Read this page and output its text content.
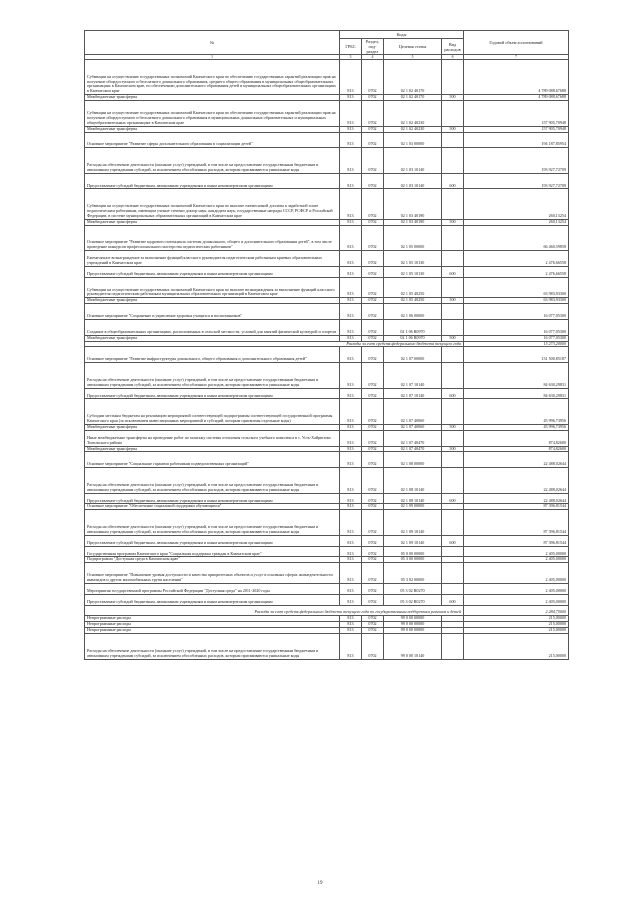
№	Коды				Годовой объем ассигнований
	ГРБС	Раздел, под-раздел	Целевая статья	Вид расходов	
1	3	4	5	6	7
Субвенции на осуществление государственных полномочий Камчатского края по обеспечению государственных гарантий реализации прав на получение общедоступного и бесплатного дошкольного образования, среднего общего образования в муниципальных общеобразовательных организациях в Камчатском крае, по обеспечению дополнительного образования детей в муниципальных общеобразовательных организациях в Камчатском крае	813	0702	02 1 02 40170		4 789 088,67688
Межбюджетные трансферты	813	0702	02 1 02 40170	500	4 789 088,67688
Субвенции на осуществление государственных полномочий Камчатского края по обеспечению государственных гарантий реализации прав на получение общедоступного и бесплатного дошкольного образования в муниципальных дошкольных образовательных и муниципальных общеобразовательных организациях в Камчатском крае	813	0702	02 1 02 40230		157 905,70948
Межбюджетные трансферты	813	0702	02 1 02 40230	500	157 905,70948
Основное мероприятие "Развитие сферы дополнительного образования в социализации детей"	813	0702	02 1 03 00000		194 187,85954
Расходы на обеспечение деятельности (оказание услуг) учреждений, в том числе на предоставление государственным бюджетным и автономным учреждениям субсидий, за исключением обособленных расходов, которым присваиваются уникальные коды	813	0702	02 1 03 10140		193 927,72709
Предоставление субсидий бюджетным, автономным учреждениям и иным некоммерческим организациям	813	0702	02 1 03 10140	600	193 927,72709
Субвенции на осуществление государственных полномочий Камчатского края по выплате ежемесячной доплаты к заработной плате педагогическим работникам, имеющим ученые степени доктор наук, кандидата наук, государственные награды СССР, РСФСР и Российской Федерации, в системе муниципальных образовательных организаций в Камчатском крае	813	0702	02 1 03 40190		260,13254
Межбюджетные трансферты	813	0702	02 1 03 40190	500	260,13254
Основное мероприятие "Развитие кадрового потенциала системы дошкольного, общего и дополнительного образования детей", в том числе проведение конкурсов профессионального мастерства педагогических работников"	813	0702	02 1 05 00000		66 460,59858
Ежемесячное вознаграждение за выполнение функций классного руководителя педагогическим работникам краевых образовательных учреждений в Камчатском крае	813	0702	02 1 05 10130		2 476,66558
Предоставление субсидий бюджетным, автономным учреждениям и иным некоммерческим организациям	813	0702	02 1 05 10130	600	2 476,66558
Субвенции на осуществление государственных полномочий Камчатского края по выплате вознаграждения за выполнение функций классного руководителя педагогическим работникам муниципальных образовательных организаций в Камчатском крае	813	0702	02 1 05 40250		63 983,93300
Межбюджетные трансферты	813	0702	02 1 05 40250	500	63 983,93300
Основное мероприятие "Сохранение и укрепление здоровья учащихся и воспитанников"	813	0702	02 1 06 00000		16 077,05300
Создание в общеобразовательных организациях, расположенных в сельской местности, условий для занятий физической культурой и спортом	813	0702	02 1 06 R0970		16 077,05300
Межбюджетные трансферты	813	0702	02 1 06 R0970	500	16 077,05300
Расходы за счет средств федерального бюджета текущего года					15 273,20000
Основное мероприятие "Развитие инфраструктуры дошкольного, общего образования и дополнительного образования детей"	813	0702	02 1 07 00000		131 500,85187
Расходы на обеспечение деятельности (оказание услуг) учреждений, в том числе на предоставление государственным бюджетным и автономным учреждениям субсидий, за исключением обособленных расходов, которым присваиваются уникальные коды	813	0702	02 1 07 10140		84 630,29831
Предоставление субсидий бюджетным, автономным учреждениям и иным некоммерческим организациям	813	0702	02 1 07 10140	600	84 630,29831
Субсидии местным бюджетам на реализацию мероприятий соответствующей подпрограммы соответствующей государственной программы Камчатского края (за исключением инвестиционных мероприятий и субсидий, которым присвоены отдельные коды)	813	0702	02 1 07 40060		45 996,73956
Межбюджетные трансферты	813	0702	02 1 07 40060	500	45 996,73956
Иные межбюджетные трансферты на проведение работ по монтажу системы отопления сельского учебного комплекса в с. Усть-Хайрюзово Тигильского района	813	0702	02 1 07 40470		874,82600
Межбюджетные трансферты	813	0702	02 1 07 40470	500	874,82600
Основное мероприятие "Социальные гарантии работникам подведомственных организаций"	813	0702	02 1 08 00000		22 488,02644
Расходы на обеспечение деятельности (оказание услуг) учреждений, в том числе на предоставление государственным бюджетным и автономным учреждениям субсидий, за исключением обособленных расходов, которым присваиваются уникальные коды	813	0702	02 1 08 10140		22 488,02644
Предоставление субсидий бюджетным, автономным учреждениям и иным некоммерческим организациям	813	0702	02 1 08 10140	600	22 488,02644
Основное мероприятие "Обеспечение социальной поддержки обучающихся"	813	0702	02 1 09 00000		87 396,81544
Расходы на обеспечение деятельности (оказание услуг) учреждений, в том числе на предоставление государственным бюджетным и автономным учреждениям субсидий, за исключением обособленных расходов, которым присваиваются уникальные коды	813	0702	02 1 09 10140		87 396,81544
Предоставление субсидий бюджетным, автономным учреждениям и иным некоммерческим организациям	813	0702	02 1 09 10140	600	87 396,81544
Государственная программа Камчатского края "Социальная поддержка граждан в Камчатском крае"	813	0702	05 0 00 00000		2 405,00000
Подпрограмма "Доступная среда в Камчатском крае"	813	0702	05 3 00 00000		2 405,00000
Основное мероприятие "Повышение уровня доступности и качества приоритетных объектов и услуг в основных сферах жизнедеятельности инвалидов и других маломобильных групп населения"	813	0702	05 3 02 00000		2 405,00000
Мероприятия государственной программы Российской Федерации "Доступная среда" на 2011-2020 годы	813	0702	05 3 02 R0270		2 405,00000
Предоставление субсидий бюджетным, автономным учреждениям и иным некоммерческим организациям	813	0702	05 3 02 R0270	600	2 405,00000
Расходы за счет средств федерального бюджета текущего года по государственным поддержкам регионов и детей					2 284,75000
Непрограммные расходы	813	0702	99 0 00 00000		215,00000
Непрограммные расходы	813	0702	99 0 00 00000		215,00000
Непрограммные расходы	813	0702	99 0 00 00000		215,00000
Расходы на обеспечение деятельности (оказание услуг) учреждений, в том числе на предоставление государственным бюджетным и автономным учреждениям субсидий, за исключением обособленных расходов, которым присваиваются уникальные коды	813	0702	99 0 00 10140		215,00000
19
